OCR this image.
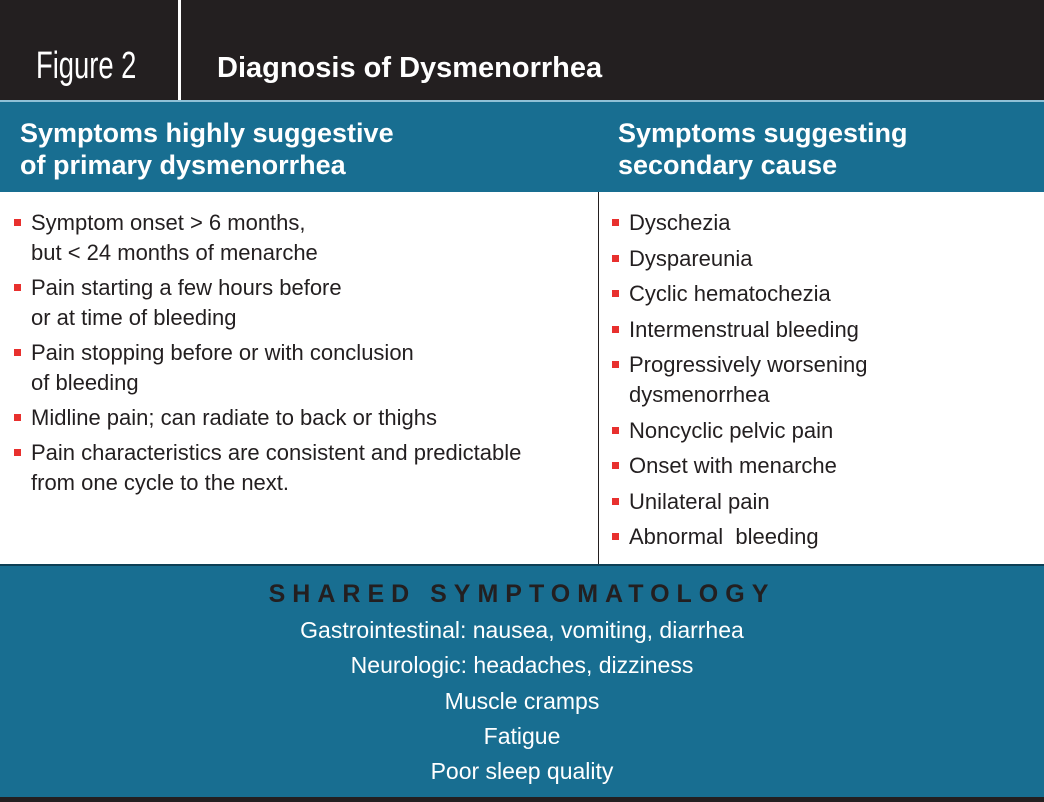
Figure 2	Diagnosis of Dysmenorrhea
Symptoms highly suggestive
of primary dysmenorrhea
Symptoms suggesting
secondary cause
Symptom onset > 6 months,
but < 24 months of menarche
Pain starting a few hours before
or at time of bleeding
Pain stopping before or with conclusion
of bleeding
Midline pain; can radiate to back or thighs
Pain characteristics are consistent and predictable
from one cycle to the next.
Dyschezia
Dyspareunia
Cyclic hematochezia
Intermenstrual bleeding
Progressively worsening
dysmenorrhea
Noncyclic pelvic pain
Onset with menarche
Unilateral pain
Abnormal  bleeding
SHARED SYMPTOMATOLOGY
Gastrointestinal: nausea, vomiting, diarrhea
Neurologic: headaches, dizziness
Muscle cramps
Fatigue
Poor sleep quality
